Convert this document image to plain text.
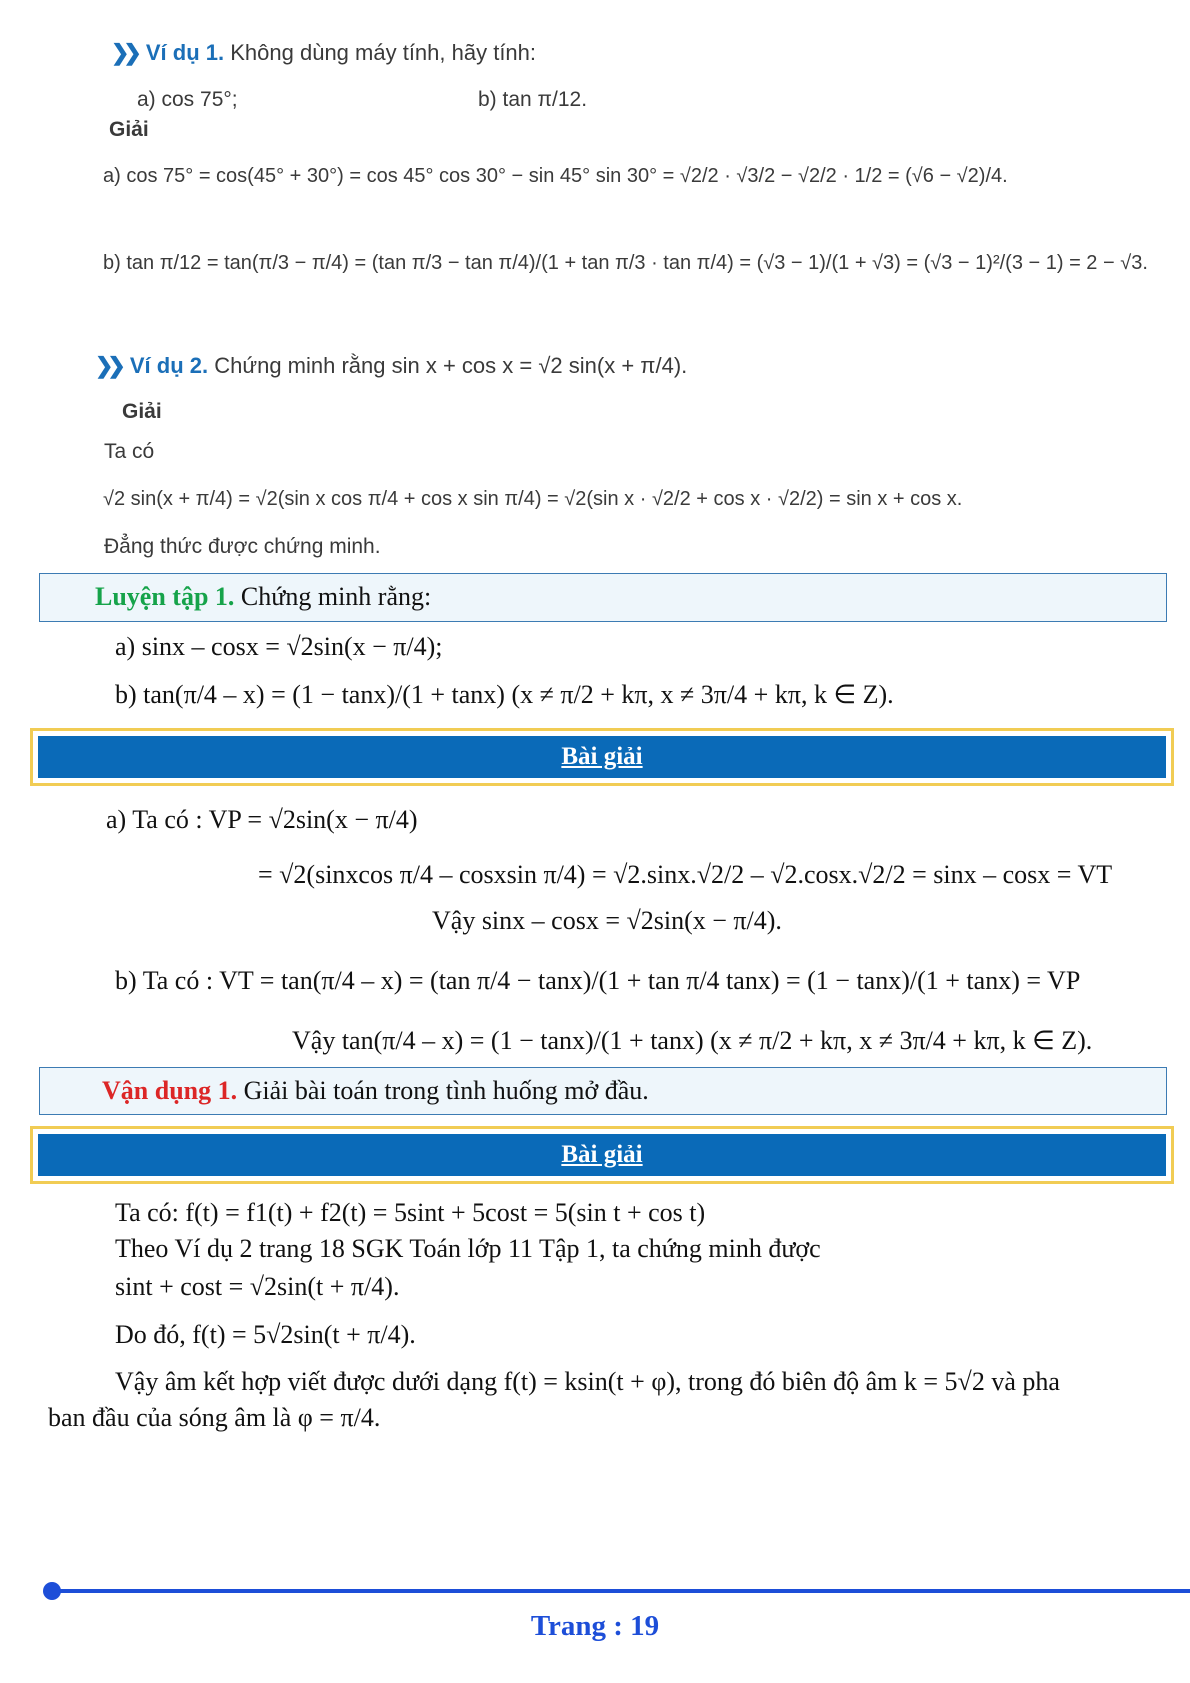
❯❯ Ví dụ 1. Không dùng máy tính, hãy tính:
a) cos 75°;	b) tan π/12.
Giải
a) cos 75° = cos(45° + 30°) = cos 45° cos 30° − sin 45° sin 30° = √2/2 · √3/2 − √2/2 · 1/2 = (√6 − √2)/4.
b) tan π/12 = tan(π/3 − π/4) = (tan π/3 − tan π/4)/(1 + tan π/3 · tan π/4) = (√3 − 1)/(1 + √3) = (√3 − 1)²/(3 − 1) = 2 − √3.
❯❯ Ví dụ 2. Chứng minh rằng sin x + cos x = √2 sin(x + π/4).
Giải
Ta có
√2 sin(x + π/4) = √2(sin x cos π/4 + cos x sin π/4) = √2(sin x · √2/2 + cos x · √2/2) = sin x + cos x.
Đẳng thức được chứng minh.
Luyện tập 1. Chứng minh rằng:
a) sinx – cosx = √2sin(x − π/4);
b) tan(π/4 – x) = (1 − tanx)/(1 + tanx) (x ≠ π/2 + kπ, x ≠ 3π/4 + kπ, k ∈ Z).
Bài giải
a) Ta có : VP = √2sin(x − π/4)
= √2(sinxcos π/4 – cosxsin π/4) = √2.sinx.√2/2 – √2.cosx.√2/2 = sinx – cosx = VT
Vậy sinx – cosx = √2sin(x − π/4).
b) Ta có : VT = tan(π/4 – x) = (tan π/4 − tanx)/(1 + tan π/4 tanx) = (1 − tanx)/(1 + tanx) = VP
Vậy tan(π/4 – x) = (1 − tanx)/(1 + tanx) (x ≠ π/2 + kπ, x ≠ 3π/4 + kπ, k ∈ Z).
Vận dụng 1. Giải bài toán trong tình huống mở đầu.
Bài giải
Ta có: f(t) = f1(t) + f2(t) = 5sint + 5cost = 5(sin t + cos t)
Theo Ví dụ 2 trang 18 SGK Toán lớp 11 Tập 1, ta chứng minh được
sint + cost = √2sin(t + π/4).
Do đó, f(t) = 5√2sin(t + π/4).
Vậy âm kết hợp viết được dưới dạng f(t) = ksin(t + φ), trong đó biên độ âm k = 5√2 và pha
ban đầu của sóng âm là φ = π/4.
Trang : 19
